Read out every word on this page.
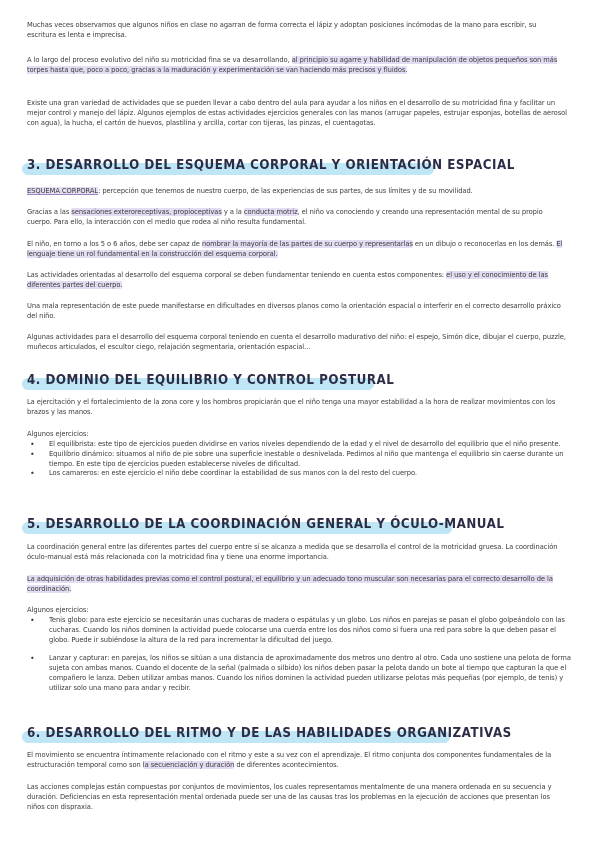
Muchas veces observamos que algunos niños en clase no agarran de forma correcta el lápiz y adoptan posiciones incómodas de la mano para escribir, su escritura es lenta e imprecisa.

A lo largo del proceso evolutivo del niño su motricidad fina se va desarrollando, al principio su agarre y habilidad de manipulación de objetos pequeños son más torpes hasta que, poco a poco, gracias a la maduración y experimentación se van haciendo más precisos y fluidos.

Existe una gran variedad de actividades que se pueden llevar a cabo dentro del aula para ayudar a los niños en el desarrollo de su motricidad fina y facilitar un mejor control y manejo del lápiz. Algunos ejemplos de estas actividades ejercicios generales con las manos (arrugar papeles, estrujar esponjas, botellas de aerosol con agua), la hucha, el cartón de huevos, plastilina y arcilla, cortar con tijeras, las pinzas, el cuentagotas.

3. DESARROLLO DEL ESQUEMA CORPORAL Y ORIENTACIÓN ESPACIAL

ESQUEMA CORPORAL: percepción que tenemos de nuestro cuerpo, de las experiencias de sus partes, de sus límites y de su movilidad.

Gracias a las sensaciones exteroreceptivas, propioceptivas y a la conducta motriz, el niño va conociendo y creando una representación mental de su propio cuerpo. Para ello, la interacción con el medio que rodea al niño resulta fundamental.

El niño, en torno a los 5 o 6 años, debe ser capaz de nombrar la mayoría de las partes de su cuerpo y representarlas en un dibujo o reconocerlas en los demás. El lenguaje tiene un rol fundamental en la construcción del esquema corporal.

Las actividades orientadas al desarrollo del esquema corporal se deben fundamentar teniendo en cuenta estos componentes: el uso y el conocimiento de las diferentes partes del cuerpo.

Una mala representación de este puede manifestarse en dificultades en diversos planos como la orientación espacial o interferir en el correcto desarrollo práxico del niño.

Algunas actividades para el desarrollo del esquema corporal teniendo en cuenta el desarrollo madurativo del niño: el espejo, Simón dice, dibujar el cuerpo, puzzle, muñecos articulados, el escultor ciego, relajación segmentaria, orientación espacial...

4. DOMINIO DEL EQUILIBRIO Y CONTROL POSTURAL

La ejercitación y el fortalecimiento de la zona core y los hombros propiciarán que el niño tenga una mayor estabilidad a la hora de realizar movimientos con los brazos y las manos.

Algunos ejercicios:

• El equilibrista: este tipo de ejercicios pueden dividirse en varios niveles dependiendo de la edad y el nivel de desarrollo del equilibrio que el niño presente.
• Equilibrio dinámico: situamos al niño de pie sobre una superficie inestable o desnivelada. Pedimos al niño que mantenga el equilibrio sin caerse durante un tiempo. En este tipo de ejercicios pueden establecerse niveles de dificultad.
• Los camareros: en este ejercicio el niño debe coordinar la estabilidad de sus manos con la del resto del cuerpo.
5. DESARROLLO DE LA COORDINACIÓN GENERAL Y ÓCULO-MANUAL

La coordinación general entre las diferentes partes del cuerpo entre sí se alcanza a medida que se desarrolla el control de la motricidad gruesa. La coordinación óculo-manual está más relacionada con la motricidad fina y tiene una enorme importancia.

La adquisición de otras habilidades previas como el control postural, el equilibrio y un adecuado tono muscular son necesarias para el correcto desarrollo de la coordinación.

Algunos ejercicios:

• Tenis globo: para este ejercicio se necesitarán unas cucharas de madera o espátulas y un globo. Los niños en parejas se pasan el globo golpeándolo con las cucharas. Cuando los niños dominen la actividad puede colocarse una cuerda entre los dos niños como si fuera una red para sobre la que deben pasar el globo. Puede ir subiéndose la altura de la red para incrementar la dificultad del juego.
• Lanzar y capturar: en parejas, los niños se sitúan a una distancia de aproximadamente dos metros uno dentro al otro. Cada uno sostiene una pelota de forma sujeta con ambas manos. Cuando el docente de la señal (palmada o silbido) los niños deben pasar la pelota dando un bote al tiempo que capturan la que el compañero le lanza. Deben utilizar ambas manos. Cuando los niños dominen la actividad pueden utilizarse pelotas más pequeñas (por ejemplo, de tenis) y utilizar solo una mano para andar y recibir.
6. DESARROLLO DEL RITMO Y DE LAS HABILIDADES ORGANIZATIVAS

El movimiento se encuentra íntimamente relacionado con el ritmo y este a su vez con el aprendizaje. El ritmo conjunta dos componentes fundamentales de la estructuración temporal como son la secuenciación y duración de diferentes acontecimientos.

Las acciones complejas están compuestas por conjuntos de movimientos, los cuales representamos mentalmente de una manera ordenada en su secuencia y duración. Deficiencias en esta representación mental ordenada puede ser una de las causas tras los problemas en la ejecución de acciones que presentan los niños con dispraxia.
